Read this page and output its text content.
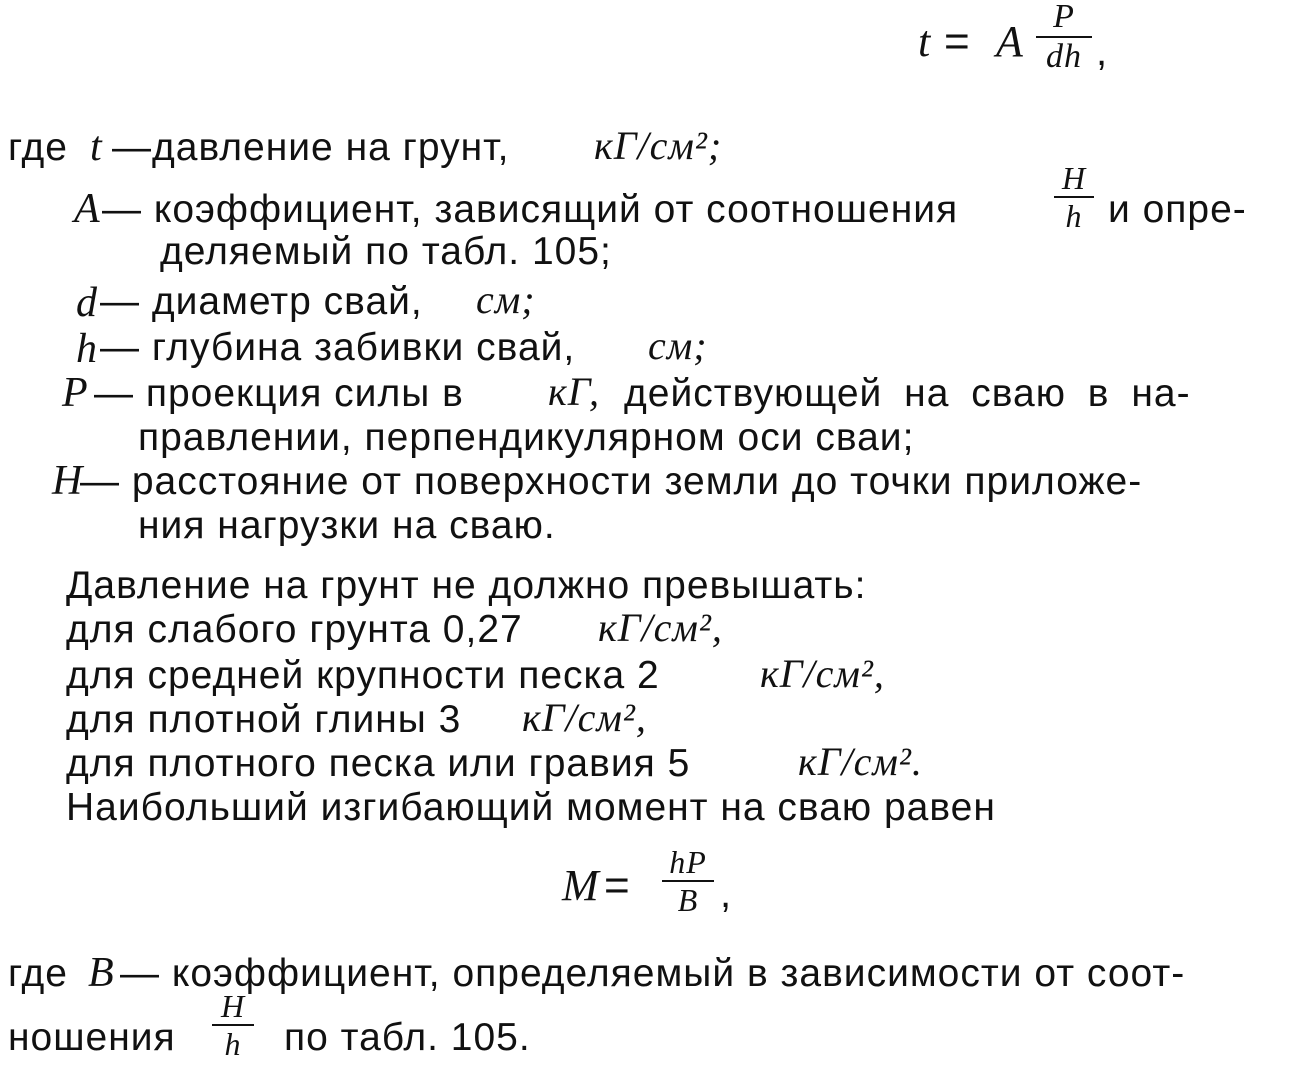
t = A
P
dh ,
где t —давление на грунт, кГ/см²;
A — коэффициент, зависящий от соотношения
H
h и опре-
деляемый по табл. 105;
d — диаметр свай, см;
h — глубина забивки свай, см;
P — проекция силы в кГ, действующей на сваю в на-
правлении, перпендикулярном оси сваи;
H
— расстояние от поверхности земли до точки приложе-
ния нагрузки на сваю.
Давление на грунт не должно превышать:
для слабого грунта 0,27 кГ/см²,
для средней крупности песка 2	кГ/см²,
для плотной глины 3 кГ/см²,
для плотного песка или гравия 5	кГ/см².
Наибольший изгибающий момент на сваю равен
M = hP
B ,
где B — коэффициент, определяемый в зависимости от соот-
ношения
H
h	по табл. 105.
